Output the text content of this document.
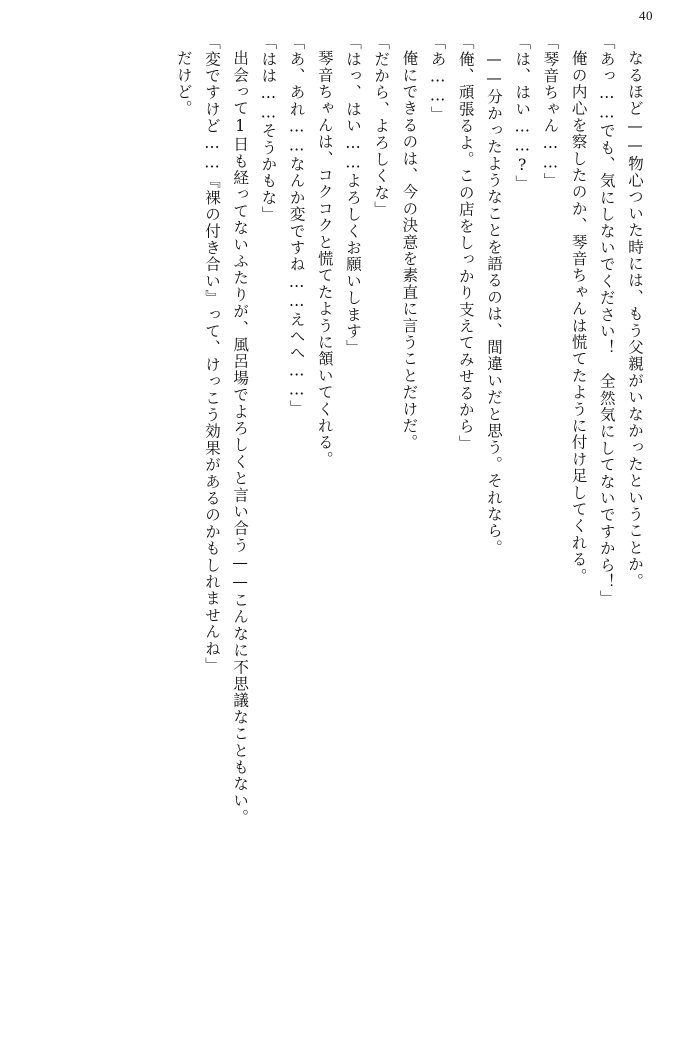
40

なるほど——物心ついた時には、もう父親がいなかったということか。

「あっ……でも、気にしないでください！　全然気にしてないですから！」

俺の内心を察したのか、琴音ちゃんは慌てたように付け足してくれる。

「琴音ちゃん……」

「は、はい……?」

——分かったようなことを語るのは、間違いだと思う。それなら。

「俺、頑張るよ。この店をしっかり支えてみせるから」

「あ……」

俺にできるのは、今の決意を素直に言うことだけだ。

「だから、よろしくな」

「はっ、はい……よろしくお願いします」

琴音ちゃんは、コクコクと慌てたように頷いてくれる。

「あ、あれ……なんか変ですね……えへへ……」

「はは……そうかもな」

出会って1日も経ってないふたりが、風呂場でよろしくと言い合う——こんなに不思議なこともない。

「変ですけど……『裸の付き合い』って、けっこう効果があるのかもしれませんね」

だけど。
